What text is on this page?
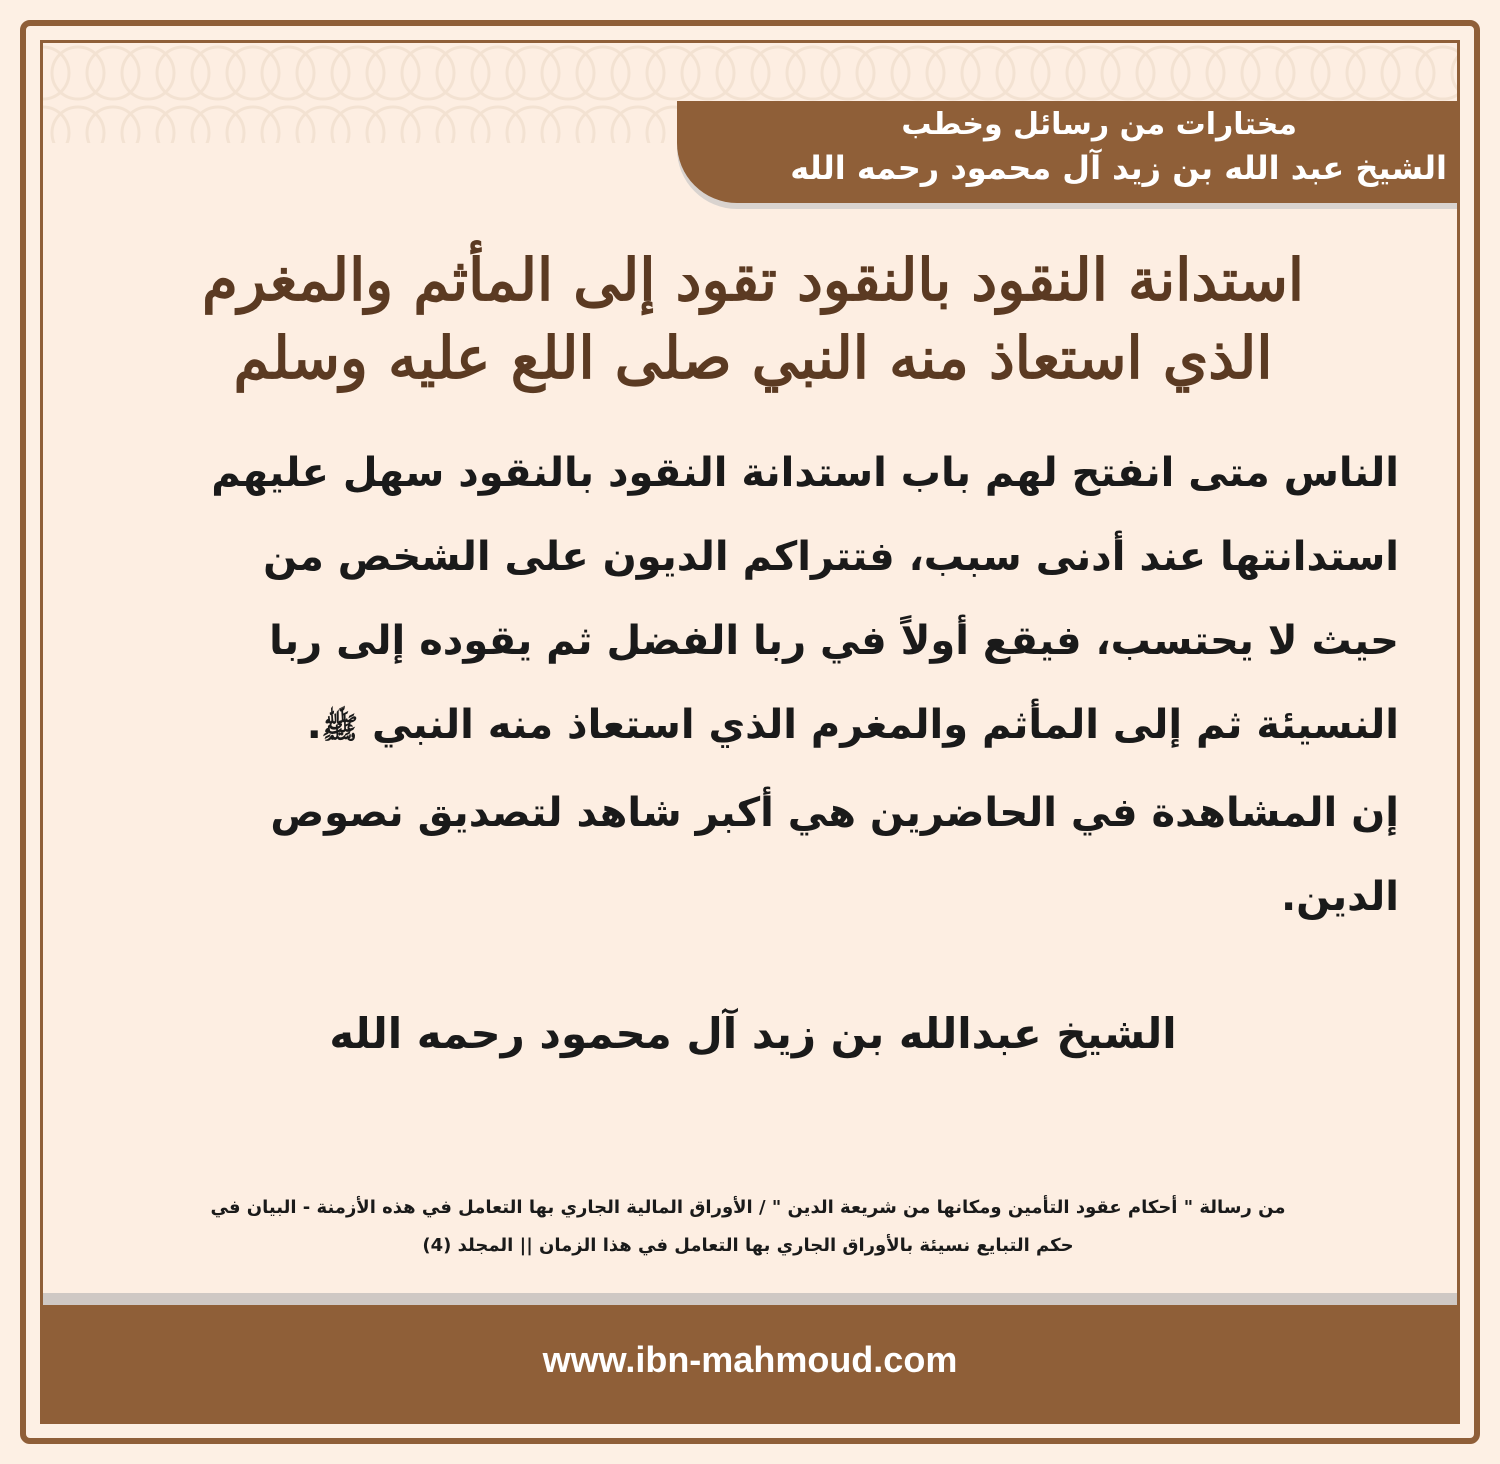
مختارات من رسائل وخطب
الشيخ عبد الله بن زيد آل محمود رحمه الله
استدانة النقود بالنقود تقود إلى المأثم والمغرم
الذي استعاذ منه النبي صلى اللع عليه وسلم
الناس متى انفتح لهم باب استدانة النقود بالنقود سهل عليهم
استدانتها عند أدنى سبب، فتتراكم الديون على الشخص من
حيث لا يحتسب، فيقع أولاً في ربا الفضل ثم يقوده إلى ربا
النسيئة ثم إلى المأثم والمغرم الذي استعاذ منه النبي ﷺ.
إن المشاهدة في الحاضرين هي أكبر شاهد لتصديق نصوص
الدين.
الشيخ عبدالله بن زيد آل محمود رحمه الله
من رسالة " أحكام عقود التأمين ومكانها من شريعة الدين " / الأوراق المالية الجاري بها التعامل في هذه الأزمنة - البيان في
حكم التبايع نسيئة بالأوراق الجاري بها التعامل في هذا الزمان || المجلد (4)
www.ibn-mahmoud.com
